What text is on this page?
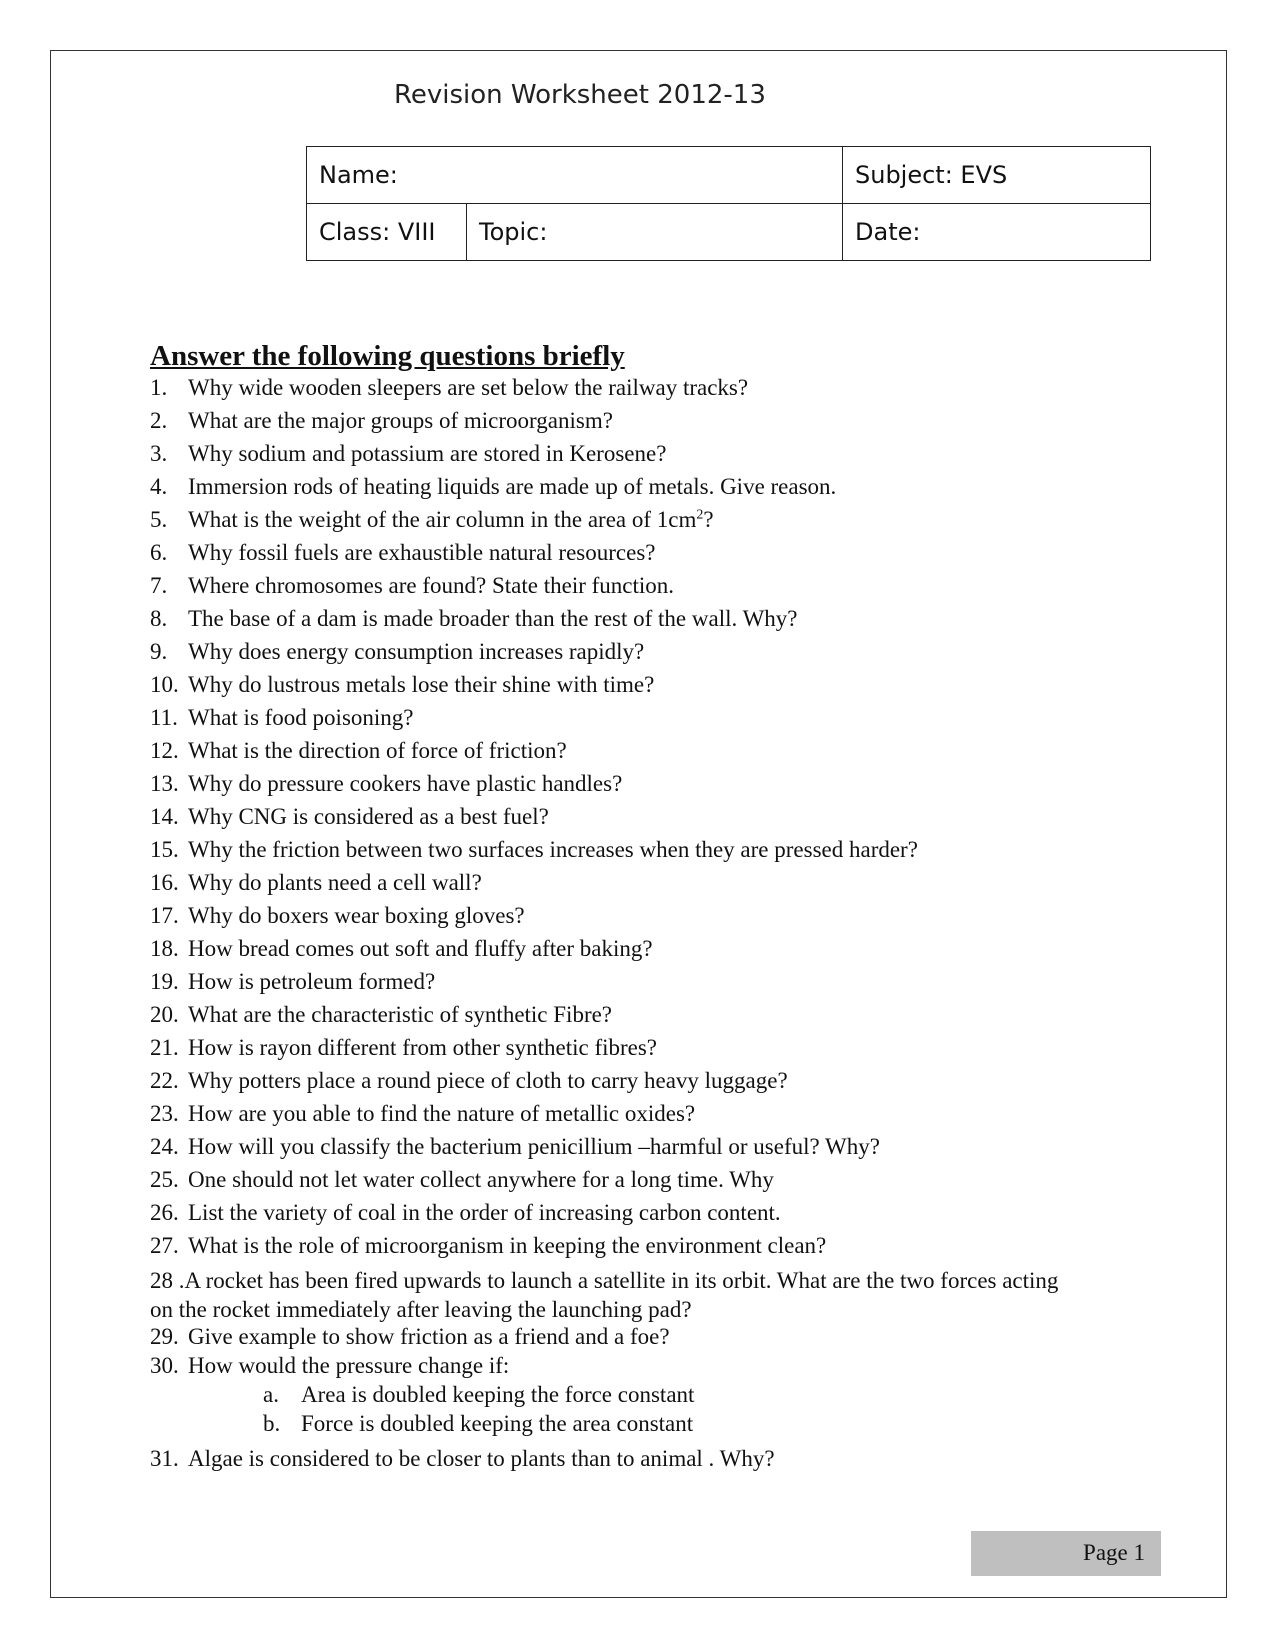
Revision Worksheet 2012-13
Name:		Subject: EVS
Class: VIII	Topic:	Date:
Answer the following questions briefly
1. Why wide wooden sleepers are set below the railway tracks?
2. What are the major groups of microorganism?
3. Why sodium and potassium are stored in Kerosene?
4. Immersion rods of heating liquids are made up of metals. Give reason.
5. What is the weight of the air column in the area of $1cm^2$?
6. Why fossil fuels are exhaustible natural resources?
7. Where chromosomes are found? State their function.
8. The base of a dam is made broader than the rest of the wall. Why?
9. Why does energy consumption increases rapidly?
10. Why do lustrous metals lose their shine with time?
11. What is food poisoning?
12. What is the direction of force of friction?
13. Why do pressure cookers have plastic handles?
14. Why CNG is considered as a best fuel?
15. Why the friction between two surfaces increases when they are pressed harder?
16. Why do plants need a cell wall?
17. Why do boxers wear boxing gloves?
18. How bread comes out soft and fluffy after baking?
19. How is petroleum formed?
20. What are the characteristic of synthetic Fibre?
21. How is rayon different from other synthetic fibres?
22. Why potters place a round piece of cloth to carry heavy luggage?
23. How are you able to find the nature of metallic oxides?
24. How will you classify the bacterium penicillium –harmful or useful? Why?
25. One should not let water collect anywhere for a long time. Why
26. List the variety of coal in the order of increasing carbon content.
27. What is the role of microorganism in keeping the environment clean?
28 .A rocket has been fired upwards to launch a satellite in its orbit. What are the two forces acting
on the rocket immediately after leaving the launching pad?
29. Give example to show friction as a friend and a foe?
30. How would the pressure change if:
a. Area is doubled keeping the force constant
b. Force is doubled keeping the area constant
31. Algae is considered to be closer to plants than to animal . Why?
Page 1
